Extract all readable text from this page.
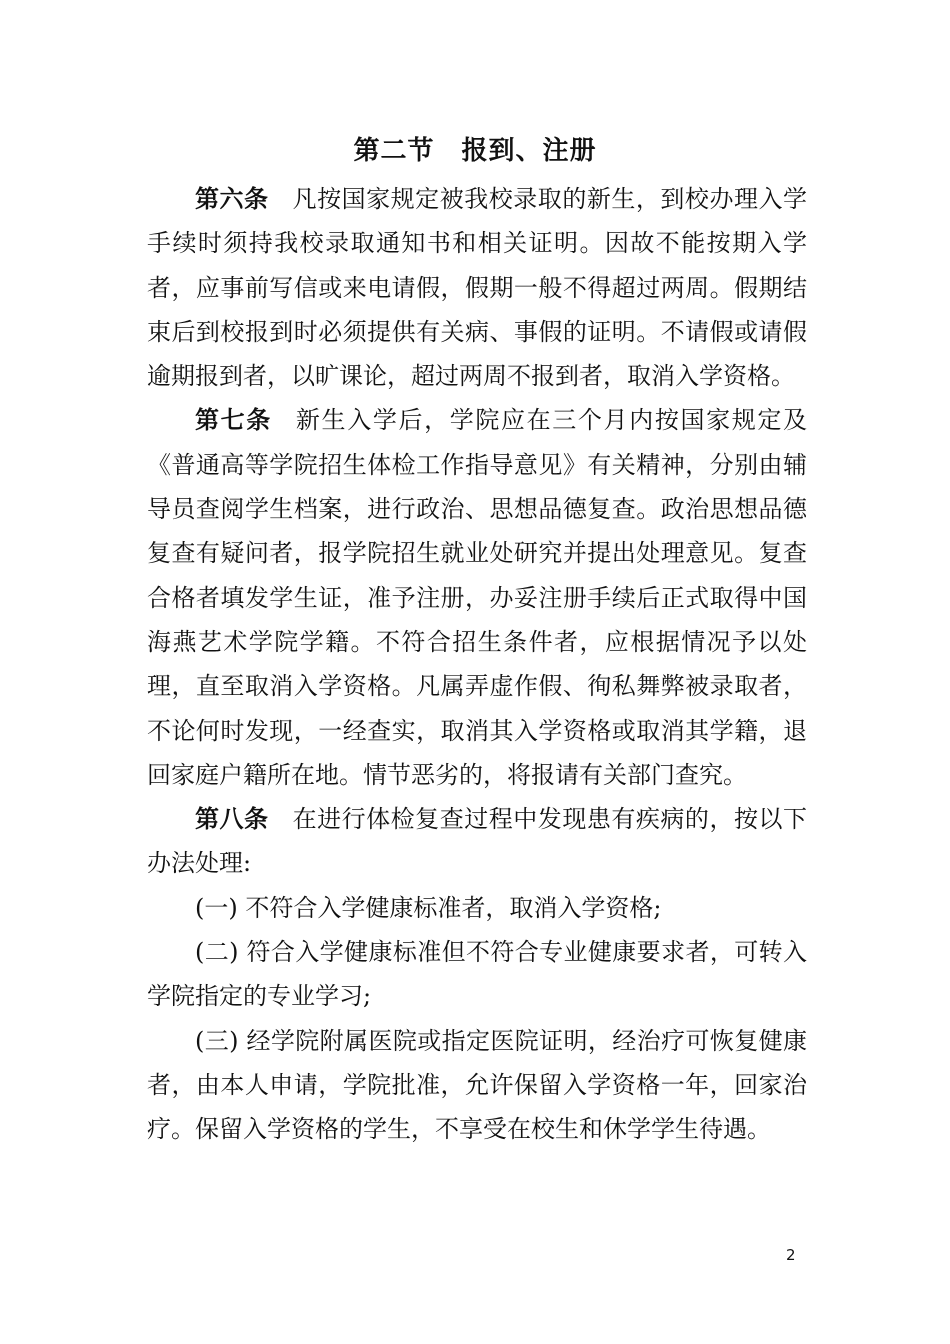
第二节　报到、注册

第六条 凡按国家规定被我校录取的新生，到校办理入学手续时须持我校录取通知书和相关证明。因故不能按期入学者，应事前写信或来电请假，假期一般不得超过两周。假期结束后到校报到时必须提供有关病、事假的证明。不请假或请假逾期报到者，以旷课论，超过两周不报到者，取消入学资格。

第七条 新生入学后，学院应在三个月内按国家规定及《普通高等学院招生体检工作指导意见》有关精神，分别由辅导员查阅学生档案，进行政治、思想品德复查。政治思想品德复查有疑问者，报学院招生就业处研究并提出处理意见。复查合格者填发学生证，准予注册，办妥注册手续后正式取得中国海燕艺术学院学籍。不符合招生条件者，应根据情况予以处理，直至取消入学资格。凡属弄虚作假、徇私舞弊被录取者，不论何时发现，一经查实，取消其入学资格或取消其学籍，退回家庭户籍所在地。情节恶劣的，将报请有关部门查究。

第八条 在进行体检复查过程中发现患有疾病的，按以下办法处理:

(一) 不符合入学健康标准者，取消入学资格;

(二) 符合入学健康标准但不符合专业健康要求者，可转入学院指定的专业学习;

(三) 经学院附属医院或指定医院证明，经治疗可恢复健康者，由本人申请，学院批准，允许保留入学资格一年，回家治疗。保留入学资格的学生，不享受在校生和休学学生待遇。

2
